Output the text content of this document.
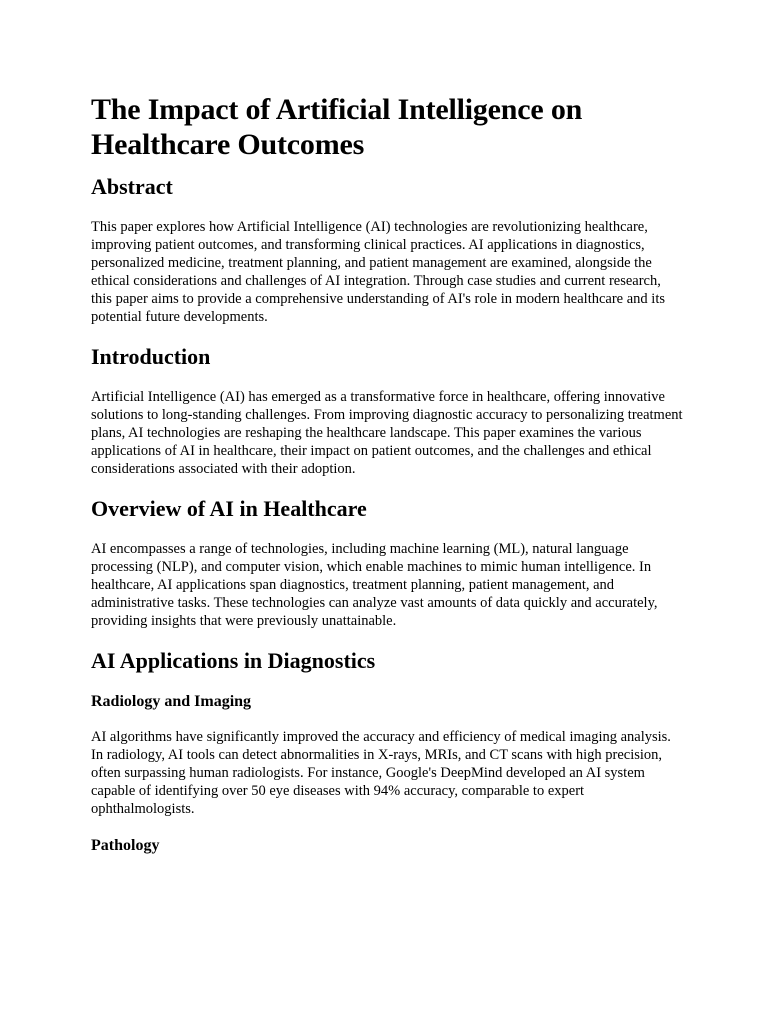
The Impact of Artificial Intelligence on Healthcare Outcomes
Abstract

This paper explores how Artificial Intelligence (AI) technologies are revolutionizing healthcare, improving patient outcomes, and transforming clinical practices. AI applications in diagnostics, personalized medicine, treatment planning, and patient management are examined, alongside the ethical considerations and challenges of AI integration. Through case studies and current research, this paper aims to provide a comprehensive understanding of AI's role in modern healthcare and its potential future developments.

Introduction

Artificial Intelligence (AI) has emerged as a transformative force in healthcare, offering innovative solutions to long-standing challenges. From improving diagnostic accuracy to personalizing treatment plans, AI technologies are reshaping the healthcare landscape. This paper examines the various applications of AI in healthcare, their impact on patient outcomes, and the challenges and ethical considerations associated with their adoption.

Overview of AI in Healthcare

AI encompasses a range of technologies, including machine learning (ML), natural language processing (NLP), and computer vision, which enable machines to mimic human intelligence. In healthcare, AI applications span diagnostics, treatment planning, patient management, and administrative tasks. These technologies can analyze vast amounts of data quickly and accurately, providing insights that were previously unattainable.

AI Applications in Diagnostics
Radiology and Imaging

AI algorithms have significantly improved the accuracy and efficiency of medical imaging analysis. In radiology, AI tools can detect abnormalities in X-rays, MRIs, and CT scans with high precision, often surpassing human radiologists. For instance, Google's DeepMind developed an AI system capable of identifying over 50 eye diseases with 94% accuracy, comparable to expert ophthalmologists.

Pathology
